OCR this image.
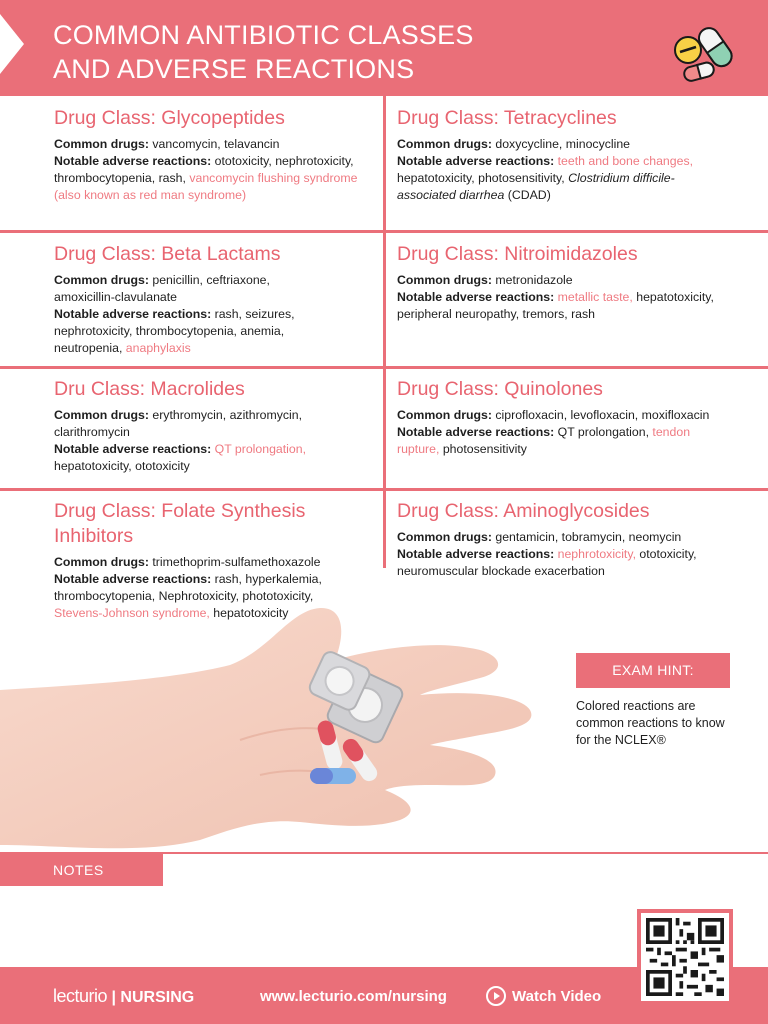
COMMON ANTIBIOTIC CLASSES
AND ADVERSE REACTIONS
Drug Class: Glycopeptides

Common drugs: vancomycin, telavancin

Notable adverse reactions: ototoxicity, nephrotoxicity, thrombocytopenia, rash, vancomycin flushing syndrome
(also known as red man syndrome)

Drug Class: Tetracyclines

Common drugs: doxycycline, minocycline

Notable adverse reactions: teeth and bone changes, hepatotoxicity, photosensitivity, Clostridium difficile-associated diarrhea (CDAD)

Drug Class: Beta Lactams

Common drugs: penicillin, ceftriaxone, amoxicillin-clavulanate

Notable adverse reactions: rash, seizures, nephrotoxicity, thrombocytopenia, anemia, neutropenia, anaphylaxis

Drug Class: Nitroimidazoles

Common drugs: metronidazole

Notable adverse reactions: metallic taste, hepatotoxicity, peripheral neuropathy, tremors, rash

Dru Class: Macrolides

Common drugs: erythromycin, azithromycin, clarithromycin

Notable adverse reactions: QT prolongation, hepatotoxicity, ototoxicity

Drug Class: Quinolones

Common drugs: ciprofloxacin, levofloxacin, moxifloxacin

Notable adverse reactions: QT prolongation, tendon rupture, photosensitivity

Drug Class: Folate Synthesis Inhibitors

Common drugs: trimethoprim-sulfamethoxazole

Notable adverse reactions: rash, hyperkalemia, thrombocytopenia, Nephrotoxicity, phototoxicity, Stevens-Johnson syndrome, hepatotoxicity

Drug Class: Aminoglycosides

Common drugs: gentamicin, tobramycin, neomycin

Notable adverse reactions: nephrotoxicity, ototoxicity, neuromuscular blockade exacerbation

EXAM HINT:

Colored reactions are common reactions to know for the NCLEX®

NOTES
lecturio | NURSING	www.lecturio.com/nursing	Watch Video
